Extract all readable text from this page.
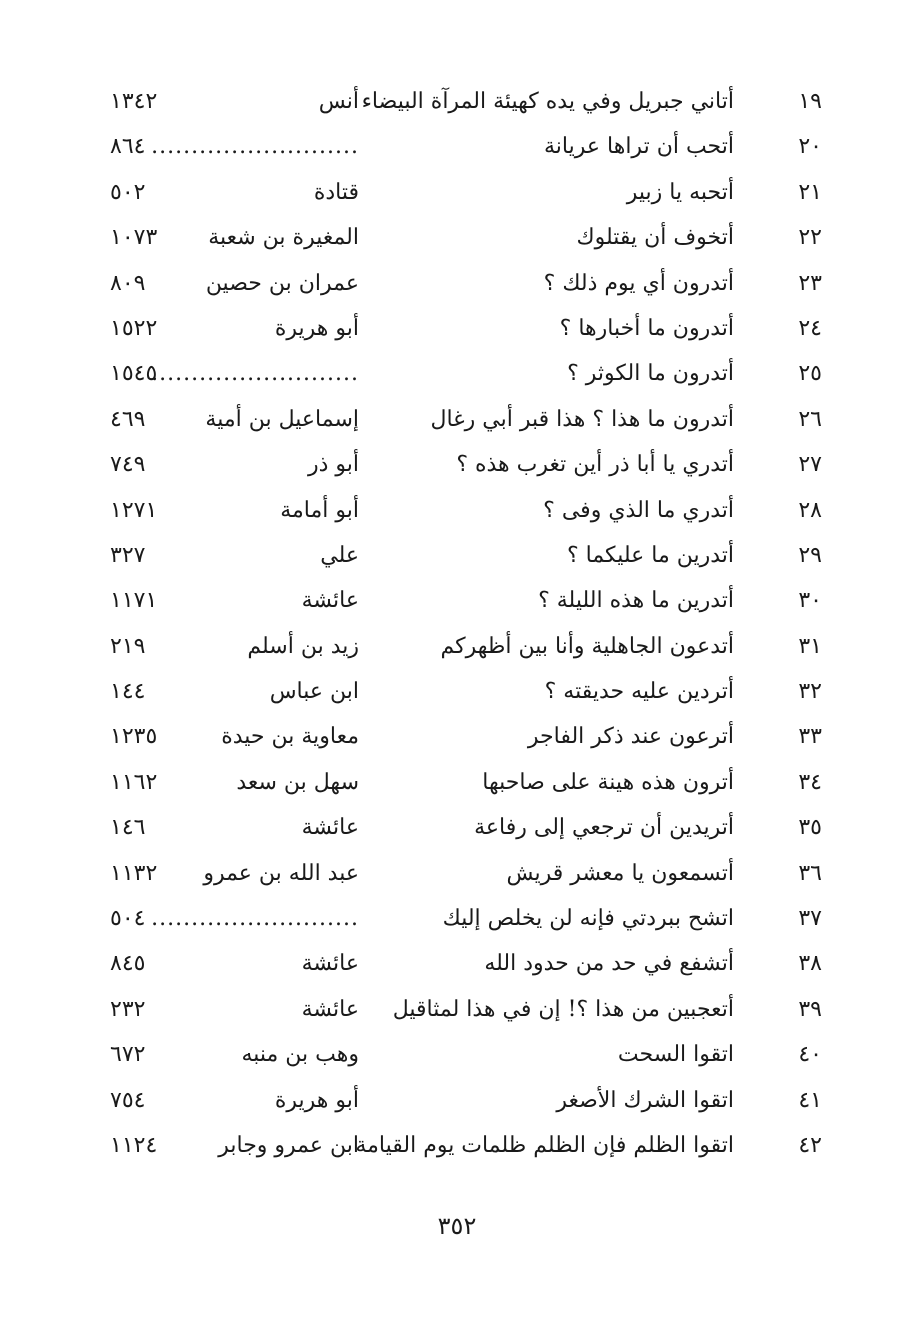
١٩
أتاني جبريل وفي يده كهيئة المرآة البيضاء
أنس
١٣٤٢
٢٠
أتحب أن تراها عريانة
..........................
٨٦٤
٢١
أتحبه يا زبير
قتادة
٥٠٢
٢٢
أتخوف أن يقتلوك
المغيرة بن شعبة
١٠٧٣
٢٣
أتدرون أي يوم ذلك ؟
عمران بن حصين
٨٠٩
٢٤
أتدرون ما أخبارها ؟
أبو هريرة
١٥٢٢
٢٥
أتدرون ما الكوثر ؟
..........................
١٥٤٥
٢٦
أتدرون ما هذا ؟ هذا قبر أبي رغال
إسماعيل بن أمية
٤٦٩
٢٧
أتدري يا أبا ذر أين تغرب هذه ؟
أبو ذر
٧٤٩
٢٨
أتدري ما الذي وفى ؟
أبو أمامة
١٢٧١
٢٩
أتدرين ما عليكما ؟
علي
٣٢٧
٣٠
أتدرين ما هذه الليلة ؟
عائشة
١١٧١
٣١
أتدعون الجاهلية وأنا بين أظهركم
زيد بن أسلم
٢١٩
٣٢
أتردين عليه حديقته ؟
ابن عباس
١٤٤
٣٣
أترعون عند ذكر الفاجر
معاوية بن حيدة
١٢٣٥
٣٤
أترون هذه هينة على صاحبها
سهل بن سعد
١١٦٢
٣٥
أتريدين أن ترجعي إلى رفاعة
عائشة
١٤٦
٣٦
أتسمعون يا معشر قريش
عبد الله بن عمرو
١١٣٢
٣٧
اتشح ببردتي فإنه لن يخلص إليك
..........................
٥٠٤
٣٨
أتشفع في حد من حدود الله
عائشة
٨٤٥
٣٩
أتعجبين من هذا ؟! إن في هذا لمثاقيل
عائشة
٢٣٢
٤٠
اتقوا السحت
وهب بن منبه
٦٧٢
٤١
اتقوا الشرك الأصغر
أبو هريرة
٧٥٤
٤٢
اتقوا الظلم فإن الظلم ظلمات يوم القيامة
ابن عمرو وجابر
١١٢٤
٣٥٢
